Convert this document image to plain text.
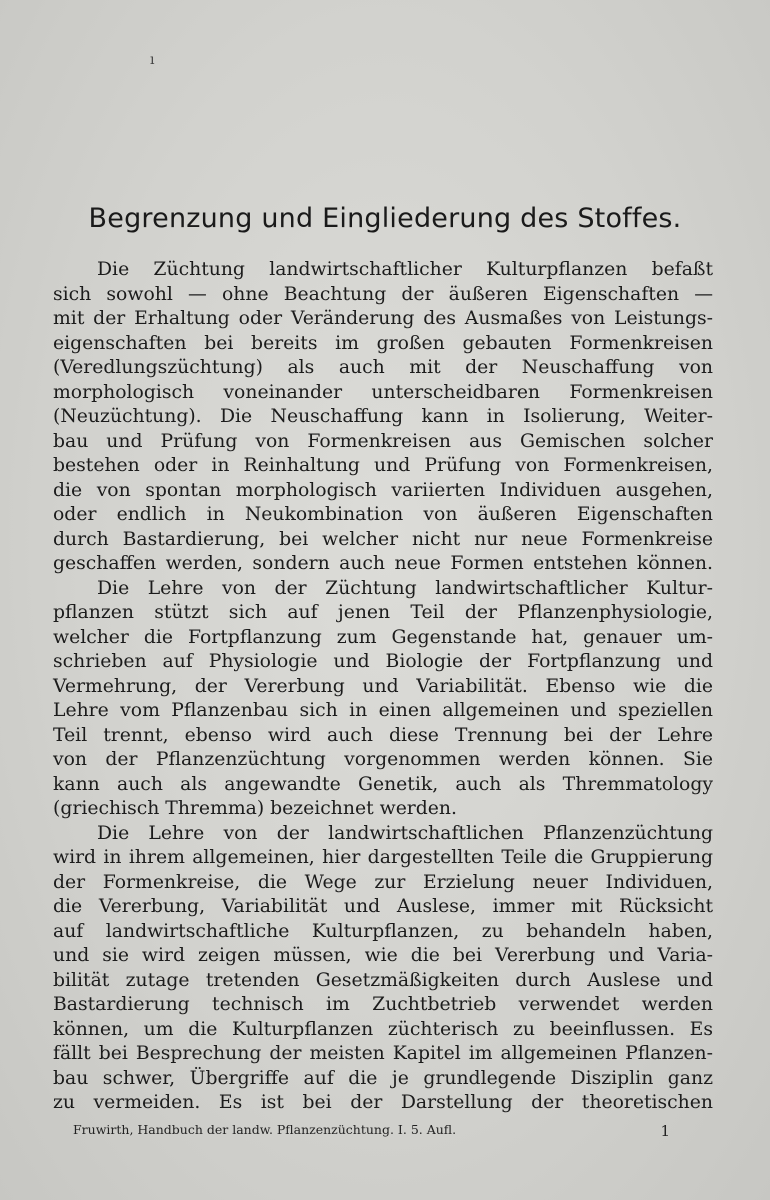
ı
Begrenzung und Eingliederung des Stoffes.
Die Züchtung landwirtschaftlicher Kulturpflanzen befaßt
sich sowohl — ohne Beachtung der äußeren Eigenschaften —
mit der Erhaltung oder Veränderung des Ausmaßes von Leistungs-
eigenschaften bei bereits im großen gebauten Formenkreisen
(Veredlungszüchtung) als auch mit der Neuschaffung von
morphologisch voneinander unterscheidbaren Formenkreisen
(Neuzüchtung). Die Neuschaffung kann in Isolierung, Weiter-
bau und Prüfung von Formenkreisen aus Gemischen solcher
bestehen oder in Reinhaltung und Prüfung von Formenkreisen,
die von spontan morphologisch variierten Individuen ausgehen,
oder endlich in Neukombination von äußeren Eigenschaften
durch Bastardierung, bei welcher nicht nur neue Formenkreise
geschaffen werden, sondern auch neue Formen entstehen können.
Die Lehre von der Züchtung landwirtschaftlicher Kultur-
pflanzen stützt sich auf jenen Teil der Pflanzenphysiologie,
welcher die Fortpflanzung zum Gegenstande hat, genauer um-
schrieben auf Physiologie und Biologie der Fortpflanzung und
Vermehrung, der Vererbung und Variabilität. Ebenso wie die
Lehre vom Pflanzenbau sich in einen allgemeinen und speziellen
Teil trennt, ebenso wird auch diese Trennung bei der Lehre
von der Pflanzenzüchtung vorgenommen werden können. Sie
kann auch als angewandte Genetik, auch als Thremmatology
(griechisch Thremma) bezeichnet werden.
Die Lehre von der landwirtschaftlichen Pflanzenzüchtung
wird in ihrem allgemeinen, hier dargestellten Teile die Gruppierung
der Formenkreise, die Wege zur Erzielung neuer Individuen,
die Vererbung, Variabilität und Auslese, immer mit Rücksicht
auf landwirtschaftliche Kulturpflanzen, zu behandeln haben,
und sie wird zeigen müssen, wie die bei Vererbung und Varia-
bilität zutage tretenden Gesetzmäßigkeiten durch Auslese und
Bastardierung technisch im Zuchtbetrieb verwendet werden
können, um die Kulturpflanzen züchterisch zu beeinflussen. Es
fällt bei Besprechung der meisten Kapitel im allgemeinen Pflanzen-
bau schwer, Übergriffe auf die je grundlegende Disziplin ganz
zu vermeiden. Es ist bei der Darstellung der theoretischen
Fruwirth, Handbuch der landw. Pflanzenzüchtung. I. 5. Aufl.	1
